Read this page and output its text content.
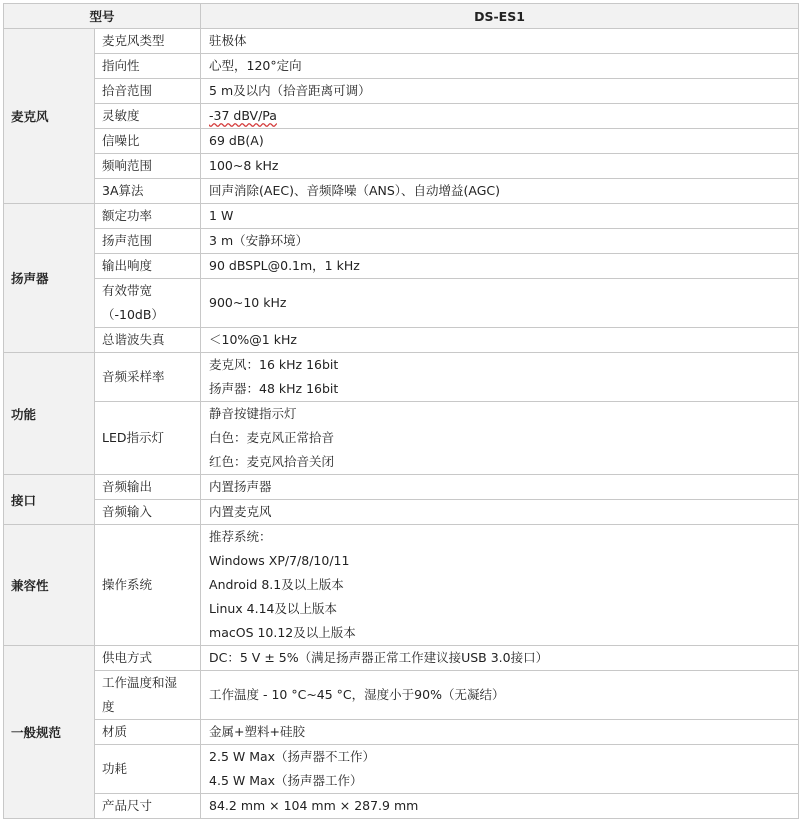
型号		DS-ES1
麦克风	麦克风类型	驻极体

	指向性	心型，120°定向

	拾音范围	5 m及以内（拾音距离可调）

	灵敏度	-37 dBV/Pa

	信噪比	69 dB(A)

	频响范围	100~8 kHz

	3A算法	回声消除(AEC)、音频降噪（ANS）、自动增益(AGC)

扬声器	额定功率	1 W

	扬声范围	3 m（安静环境）

	输出响度	90 dBSPL@0.1m，1 kHz

	有效带宽
（-10dB）	900~10 kHz

	总谐波失真	＜10%@1 kHz

功能	音频采样率	麦克风：16 kHz 16bit
扬声器：48 kHz 16bit

	LED指示灯	静音按键指示灯
白色：麦克风正常拾音
红色：麦克风拾音关闭

接口	音频输出	内置扬声器

	音频输入	内置麦克风

兼容性	操作系统	推荐系统：
Windows XP/7/8/10/11
Android 8.1及以上版本
Linux 4.14及以上版本
macOS 10.12及以上版本

一般规范	供电方式	DC：5 V ± 5%（满足扬声器正常工作建议接USB 3.0接口）

	工作温度和湿
度	工作温度 - 10 °C~45 °C，湿度小于90%（无凝结）

	材质	金属+塑料+硅胶

	功耗	2.5 W Max（扬声器不工作）
4.5 W Max（扬声器工作）

	产品尺寸	84.2 mm × 104 mm × 287.9 mm
